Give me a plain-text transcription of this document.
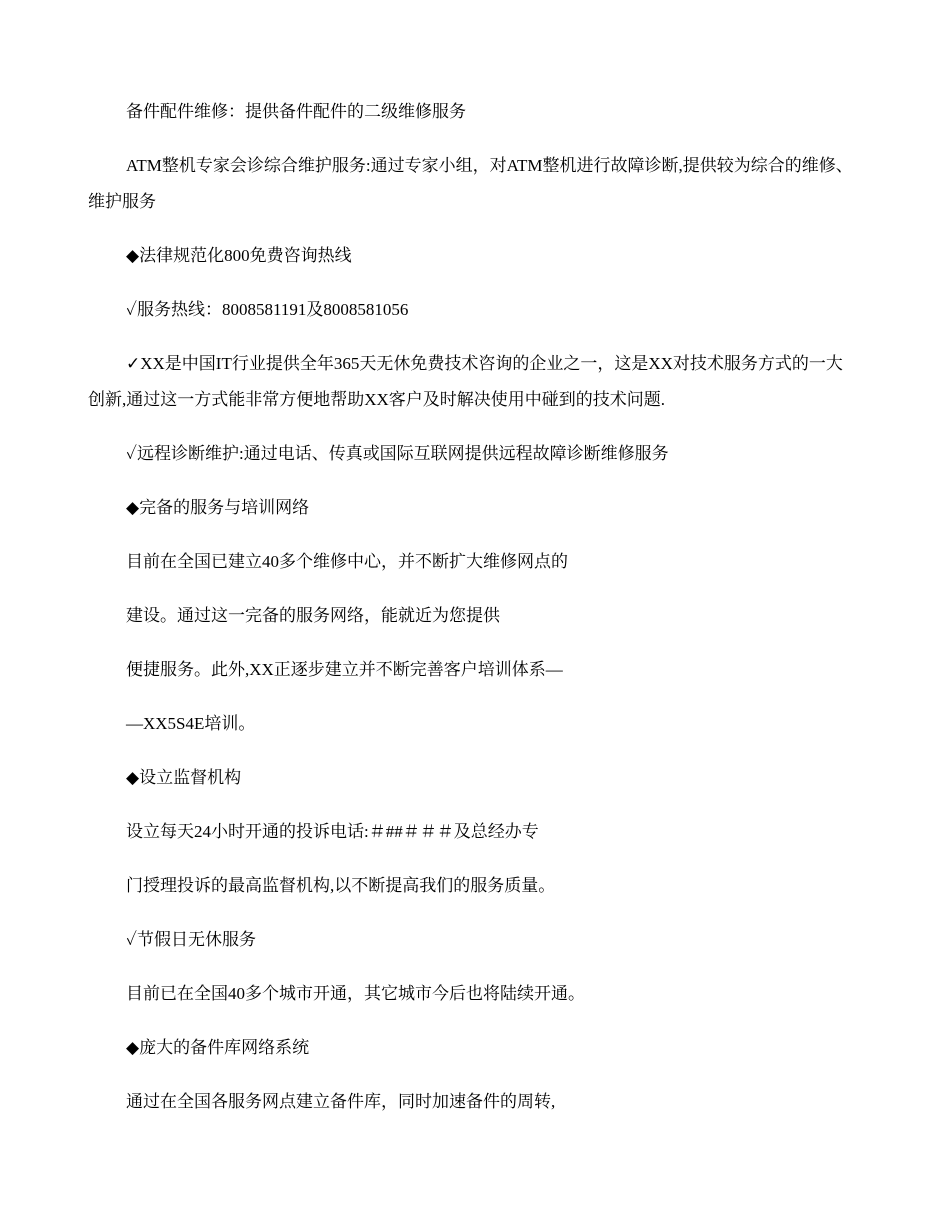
备件配件维修：提供备件配件的二级维修服务

ATM整机专家会诊综合维护服务:通过专家小组，对ATM整机进行故障诊断,提供较为综合的维修、维护服务

◆法律规范化800免费咨询热线

✓服务热线：8008581191及8008581056

✓XX是中国IT行业提供全年365天无休免费技术咨询的企业之一，这是XX对技术服务方式的一大创新,通过这一方式能非常方便地帮助XX客户及时解决使用中碰到的技术问题.

✓远程诊断维护:通过电话、传真或国际互联网提供远程故障诊断维修服务

◆完备的服务与培训网络

目前在全国已建立40多个维修中心，并不断扩大维修网点的

建设。通过这一完备的服务网络，能就近为您提供

便捷服务。此外,XX正逐步建立并不断完善客户培训体系—

—XX5S4E培训。

◆设立监督机构

设立每天24小时开通的投诉电话:＃##＃＃＃及总经办专

门授理投诉的最高监督机构,以不断提高我们的服务质量。

✓节假日无休服务

目前已在全国40多个城市开通，其它城市今后也将陆续开通。

◆庞大的备件库网络系统

通过在全国各服务网点建立备件库，同时加速备件的周转,
